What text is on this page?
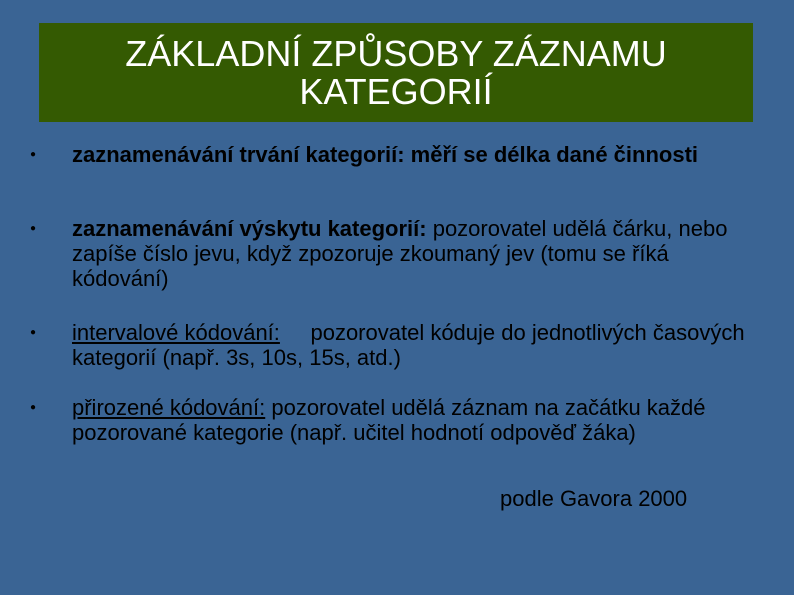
ZÁKLADNÍ ZPŮSOBY ZÁZNAMU
KATEGORIÍ
● zaznamenávání trvání kategorií: měří se délka dané činnosti
● zaznamenávání výskytu kategorií: pozorovatel udělá čárku, nebo zapíše číslo jevu, když zpozoruje zkoumaný jev (tomu se říká kódování)
● intervalové kódování:     pozorovatel kóduje do jednotlivých časových kategorií (např. 3s, 10s, 15s, atd.)
● přirozené kódování: pozorovatel udělá záznam na začátku každé pozorované kategorie (např. učitel hodnotí odpověď žáka)
podle Gavora 2000
